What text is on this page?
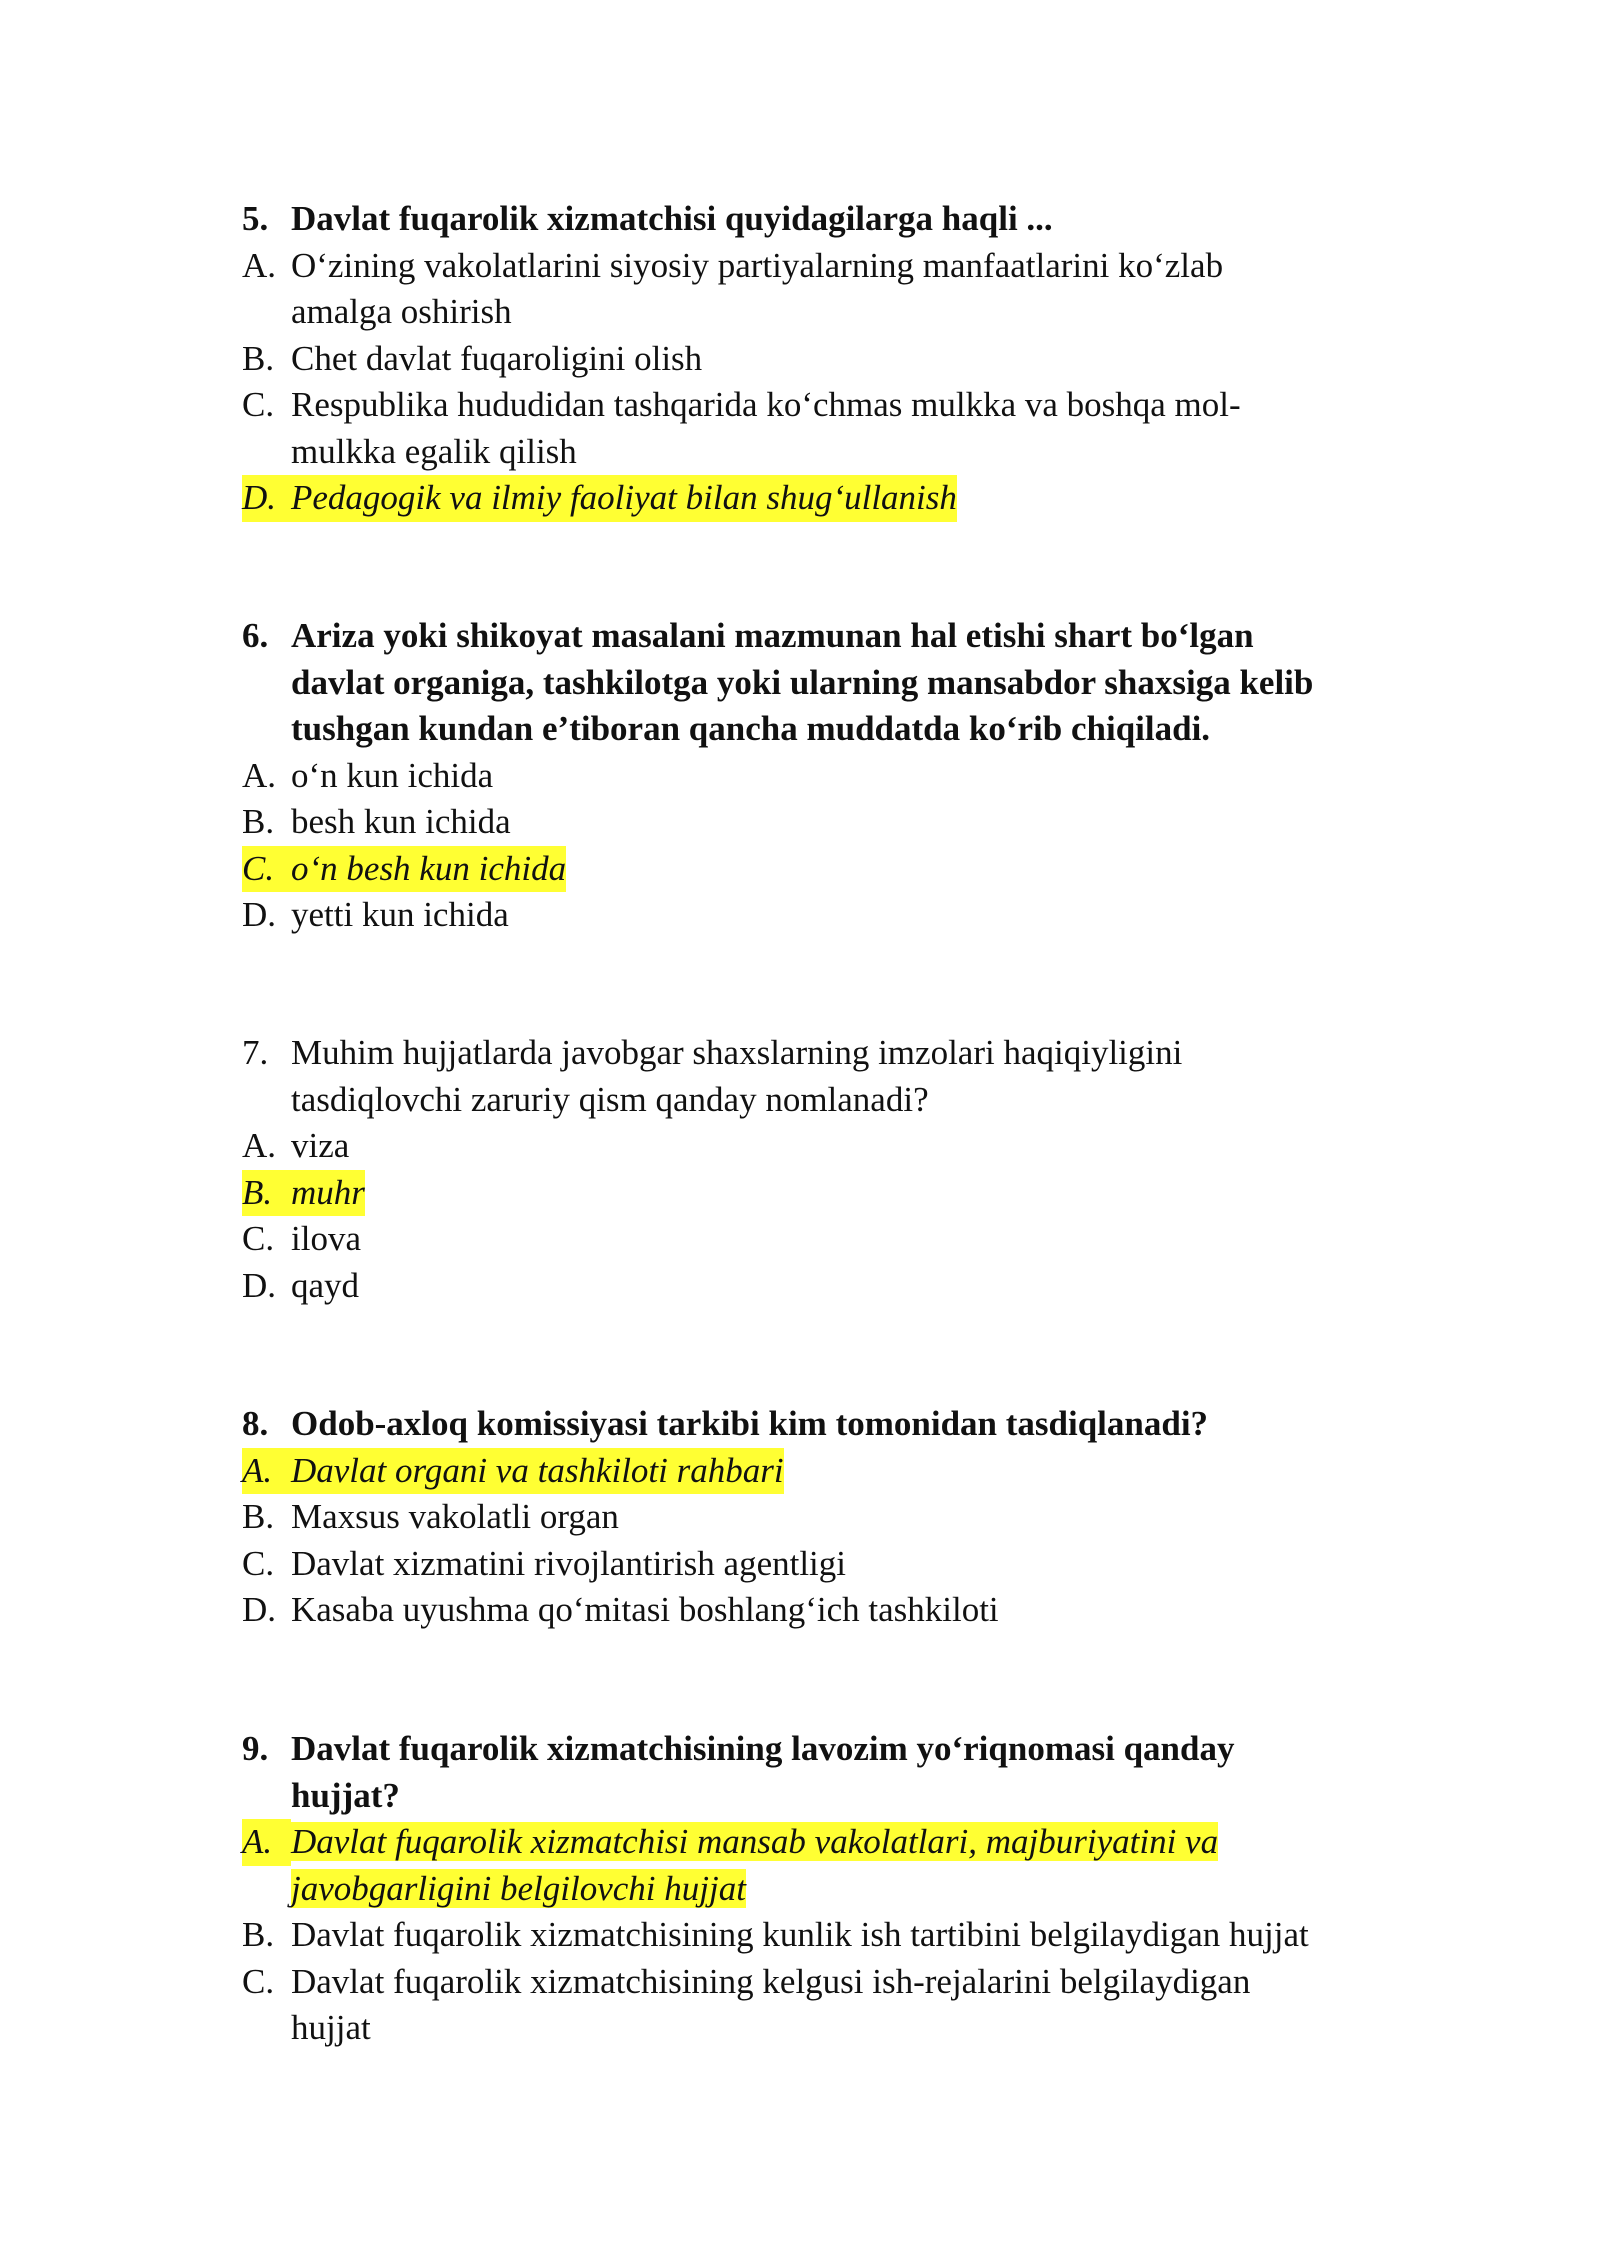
5. Davlat fuqarolik xizmatchisi quyidagilarga haqli ...
A. O‘zining vakolatlarini siyosiy partiyalarning manfaatlarini ko‘zlab
amalga oshirish
B. Chet davlat fuqaroligini olish
C. Respublika hududidan tashqarida ko‘chmas mulkka va boshqa mol-
mulkka egalik qilish
D. Pedagogik va ilmiy faoliyat bilan shug‘ullanish
6. Ariza yoki shikoyat masalani mazmunan hal etishi shart bo‘lgan
davlat organiga, tashkilotga yoki ularning mansabdor shaxsiga kelib
tushgan kundan e’tiboran qancha muddatda ko‘rib chiqiladi.
A. o‘n kun ichida
B. besh kun ichida
C. o‘n besh kun ichida
D. yetti kun ichida
7. Muhim hujjatlarda javobgar shaxslarning imzolari haqiqiyligini
tasdiqlovchi zaruriy qism qanday nomlanadi?
A. viza
B. muhr
C. ilova
D. qayd
8. Odob-axloq komissiyasi tarkibi kim tomonidan tasdiqlanadi?
A. Davlat organi va tashkiloti rahbari
B. Maxsus vakolatli organ
C. Davlat xizmatini rivojlantirish agentligi
D. Kasaba uyushma qo‘mitasi boshlang‘ich tashkiloti
9. Davlat fuqarolik xizmatchisining lavozim yo‘riqnomasi qanday
hujjat?
A. Davlat fuqarolik xizmatchisi mansab vakolatlari, majburiyatini va
javobgarligini belgilovchi hujjat
B. Davlat fuqarolik xizmatchisining kunlik ish tartibini belgilaydigan hujjat
C. Davlat fuqarolik xizmatchisining kelgusi ish-rejalarini belgilaydigan
hujjat
